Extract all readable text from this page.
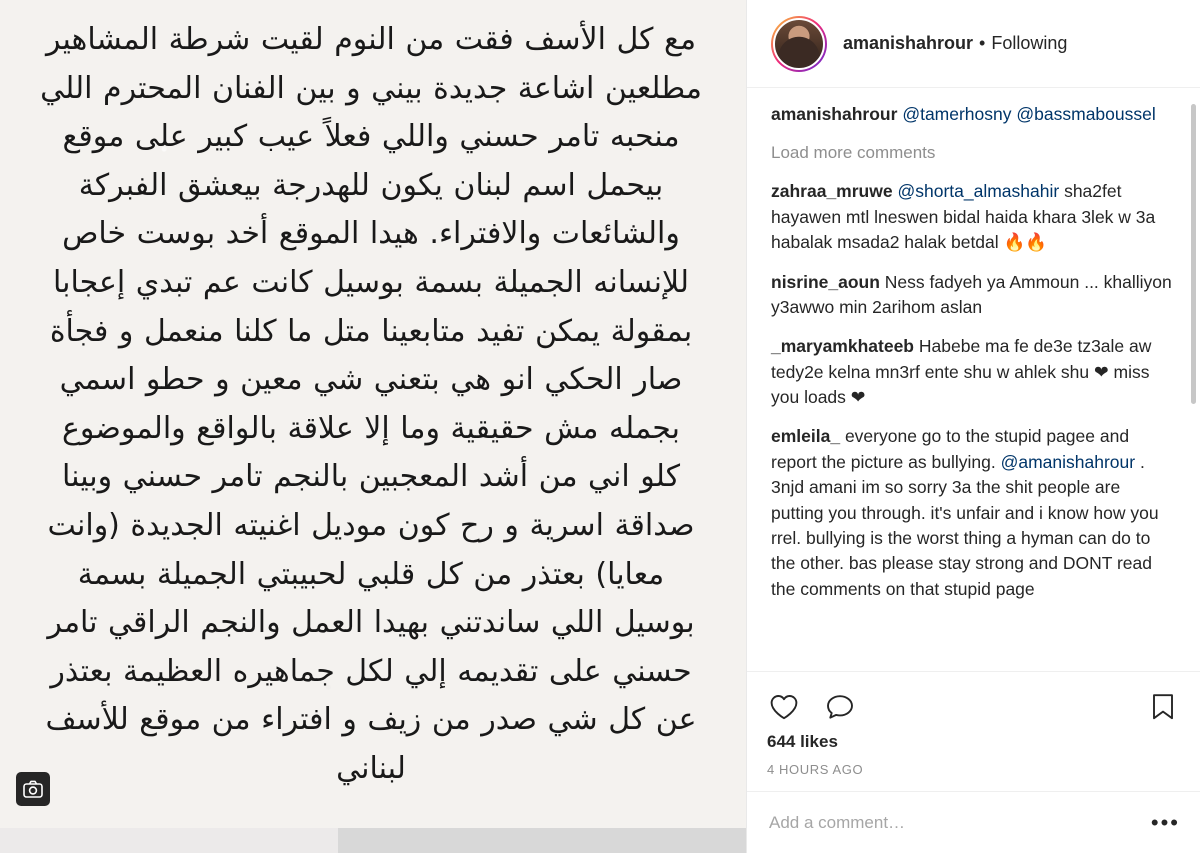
مع كل الأسف فقت من النوم لقيت شرطة المشاهير مطلعين اشاعة جديدة بيني و بين الفنان المحترم اللي منحبه تامر حسني واللي فعلاً عيب كبير على موقع بيحمل اسم لبنان يكون للهدرجة بيعشق الفبركة والشائعات والافتراء. هيدا الموقع أخد بوست خاص للإنسانه الجميلة بسمة بوسيل كانت عم تبدي إعجابا بمقولة يمكن تفيد متابعينا متل ما كلنا منعمل و فجأة صار الحكي انو هي بتعني شي معين و حطو اسمي بجمله مش حقيقية وما إلا علاقة بالواقع والموضوع كلو اني من أشد المعجبين بالنجم تامر حسني وبينا صداقة اسرية و رح كون موديل اغنيته الجديدة (وانت معايا) بعتذر من كل قلبي لحبيبتي الجميلة بسمة بوسيل اللي ساندتني بهيدا العمل والنجم الراقي تامر حسني على تقديمه إلي لكل جماهيره العظيمة بعتذر عن كل شي صدر من زيف و افتراء من موقع للأسف لبناني
amanishahrour • Following
amanishahrour @tamerhosny @bassmaboussel
Load more comments
zahraa_mruwe @shorta_almashahir sha2fet hayawen mtl lneswen bidal haida khara 3lek w 3a habalak msada2 halak betdal 🔥🔥
nisrine_aoun Ness fadyeh ya Ammoun ... khalliyon y3awwo min 2arihom aslan
_maryamkhateeb Habebe ma fe de3e tz3ale aw tedy2e kelna mn3rf ente shu w ahlek shu ❤ miss you loads ❤
emleila_ everyone go to the stupid pagee and report the picture as bullying. @amanishahrour . 3njd amani im so sorry 3a the shit people are putting you through. it's unfair and i know how you rrel. bullying is the worst thing a hyman can do to the other. bas please stay strong and DONT read the comments on that stupid page
644 likes
4 HOURS AGO
Add a comment…
•••
